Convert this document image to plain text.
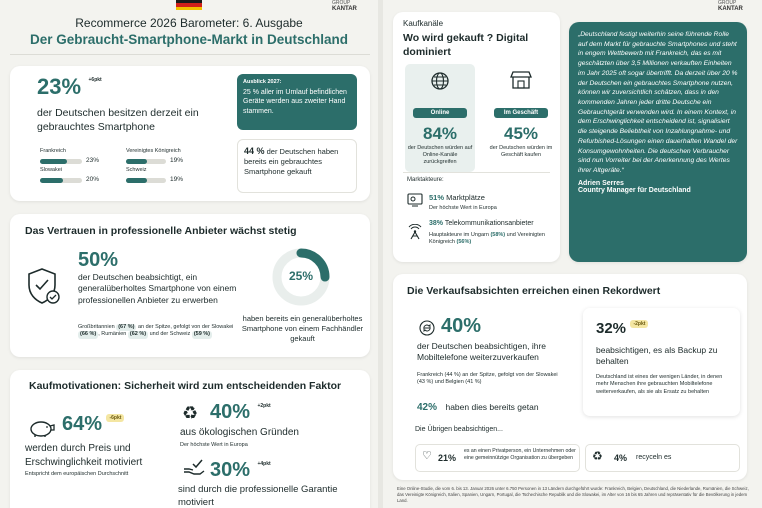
GROUP
KANTAR
Recommerce 2026 Barometer: 6. Ausgabe
Der Gebraucht-Smartphone-Markt in Deutschland
23% +6pkt
der Deutschen besitzen derzeit ein gebrauchtes Smartphone
Frankreich
23%
Vereinigtes Königreich
19%
Slowakei
20%
Schweiz
19%
Ausblick 2027:
25 % aller im Umlauf befindlichen Geräte werden aus zweiter Hand stammen.
44 % der Deutschen haben bereits ein gebrauchtes Smartphone gekauft
Das Vertrauen in professionelle Anbieter wächst stetig
50%
der Deutschen beabsichtigt, ein generalüberholtes Smartphone von einem professionellen Anbieter zu erwerben
Großbritannien (67 %) an der Spitze, gefolgt von der Slowakei (66 %) , Rumänien (62 %) und der Schweiz (59 %)
25%
haben bereits ein generalüberholtes Smartphone von einem Fachhändler gekauft
Kaufmotivationen: Sicherheit wird zum entscheidenden Faktor
64% -6pkt
werden durch Preis und Erschwinglichkeit motiviert
Entspricht dem europäischen Durchschnitt
♻ 40% +2pkt
aus ökologischen Gründen
Der höchste Wert in Europa
30% +4pkt
sind durch die professionelle Garantie motiviert
GROUP
KANTAR
Kaufkanäle
Wo wird gekauft ? Digital dominiert
Online
84%
der Deutschen würden auf Online-Kanäle zurückgreifen
Im Geschäft
45%
der Deutschen würden im Geschäft kaufen
Marktakteure:
51% Marktplätze
Der höchste Wert in Europa
38% Telekommunikationsanbieter
Hauptakteure im Ungarn (58%) und Vereinigten Königreich (56%)
„Deutschland festigt weiterhin seine führende Rolle auf dem Markt für gebrauchte Smartphones und steht in engem Wettbewerb mit Frankreich, das es mit geschätzten über 3,5 Millionen verkauften Einheiten im Jahr 2025 oft sogar übertrifft. Da derzeit über 20 % der Deutschen ein gebrauchtes Smartphone nutzen, können wir zuversichtlich schätzen, dass in den kommenden Jahren jeder dritte Deutsche ein Gebrauchtgerät verwenden wird. In einem Kontext, in dem Erschwinglichkeit entscheidend ist, signalisiert die steigende Beliebtheit von Inzahlungnahme- und Refurbished-Lösungen einen dauerhaften Wandel der Konsumgewohnheiten. Die deutschen Verbraucher sind nun Vorreiter bei der Anerkennung des Wertes ihrer Altgeräte.“
Adrien Serres
Country Manager für Deutschland
Die Verkaufsabsichten erreichen einen Rekordwert
40%
der Deutschen beabsichtigen, ihre Mobiltelefone weiterzuverkaufen
Frankreich (44 %) an der Spitze, gefolgt von der Slowakei (43 %) und Belgien (41 %)
42% haben dies bereits getan
32% -2pkt
beabsichtigen, es als Backup zu behalten
Deutschland ist eines der wenigen Länder, in denen mehr Menschen ihre gebrauchten Mobiltelefone weiterverkaufen, als sie als Ersatz zu behalten
Die Übrigen beabsichtigen...
♡ 21%
es an einen Privatperson, ein Unternehmen oder eine gemeinnützige Organisation zu übergeben ♻ 4% recyceln es
Eine Online-Studie, die vom 6. bis 13. Januar 2026 unter 6.750 Personen in 13 Ländern durchgeführt wurde: Frankreich, Belgien, Deutschland, die Niederlande, Rumänien, die Schweiz, das Vereinigte Königreich, Italien, Spanien, Ungarn, Portugal, die Tschechische Republik und die Slowakei, im Alter von 16 bis 65 Jahren und repräsentativ für die Bevölkerung in jedem Land.
